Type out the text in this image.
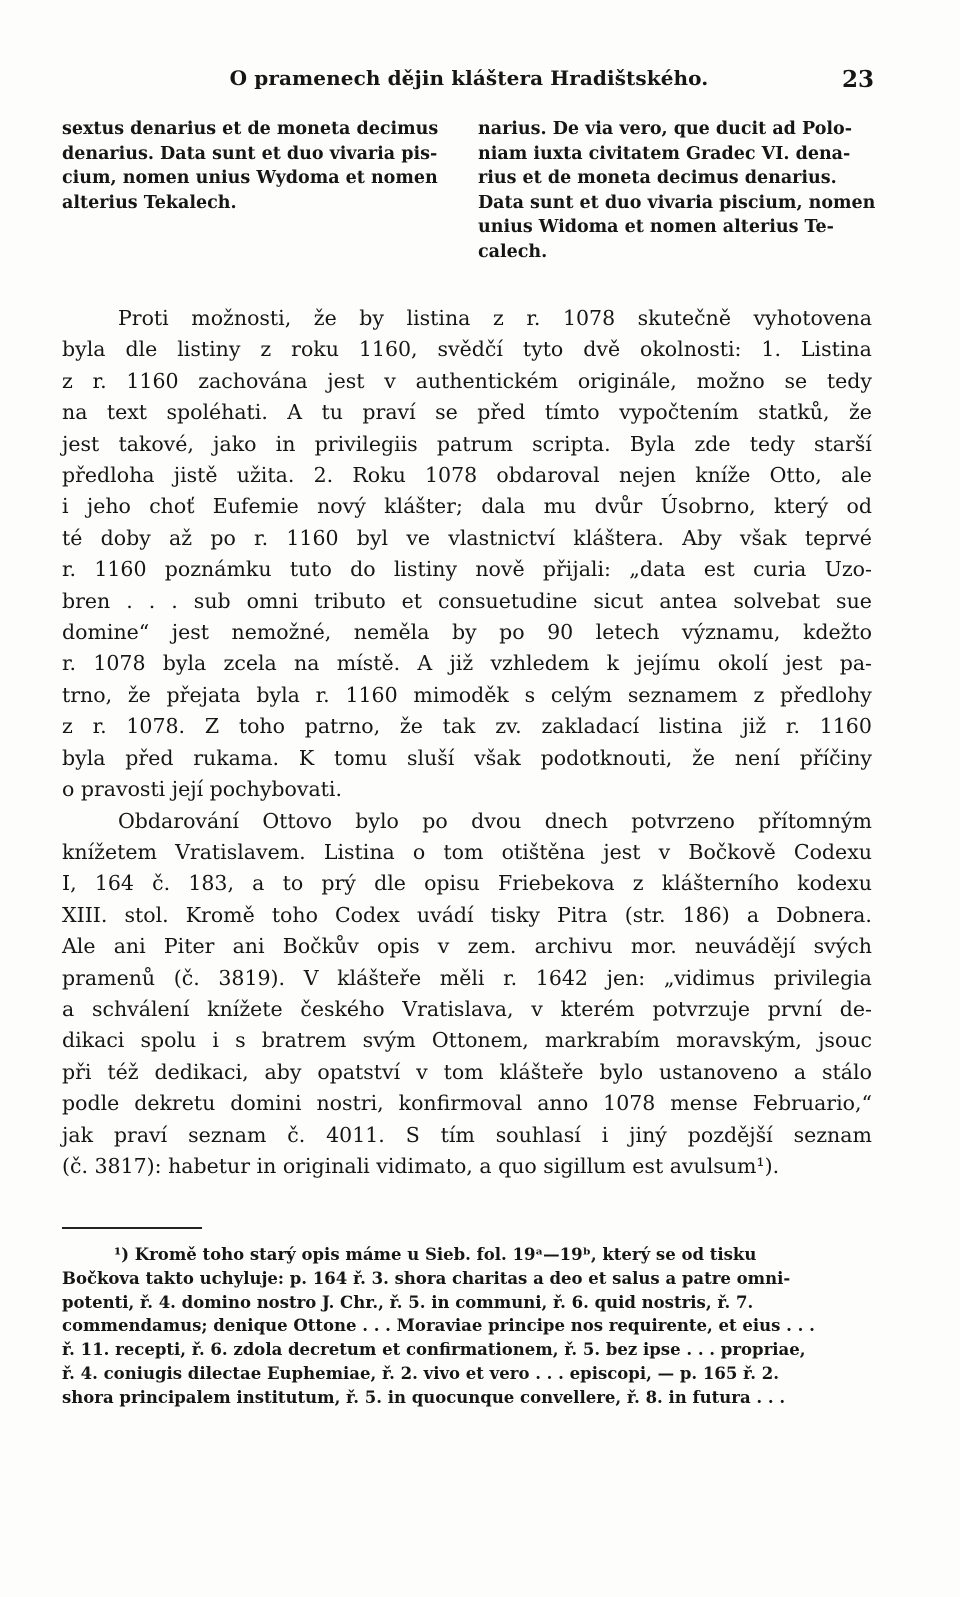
O pramenech dějin kláštera Hradištského.	23
sextus denarius et de moneta decimus
denarius. Data sunt et duo vivaria pis-
cium, nomen unius Wydoma et nomen
alterius Tekalech.
narius. De via vero, que ducit ad Polo-
niam iuxta civitatem Gradec VI. dena-
rius et de moneta decimus denarius.
Data sunt et duo vivaria piscium, nomen
unius Widoma et nomen alterius Te-
calech.
Proti možnosti, že by listina z r. 1078 skutečně vyhotovena
byla dle listiny z roku 1160, svědčí tyto dvě okolnosti: 1. Listina
z r. 1160 zachována jest v authentickém originále, možno se tedy
na text spoléhati. A tu praví se před tímto vypočtením statků, že
jest takové, jako in privilegiis patrum scripta. Byla zde tedy starší
předloha jistě užita. 2. Roku 1078 obdaroval nejen kníže Otto, ale
i jeho choť Eufemie nový klášter; dala mu dvůr Úsobrno, který od
té doby až po r. 1160 byl ve vlastnictví kláštera. Aby však teprvé
r. 1160 poznámku tuto do listiny nově přijali: „data est curia Uzo-
bren . . . sub omni tributo et consuetudine sicut antea solvebat sue
domine“ jest nemožné, neměla by po 90 letech významu, kdežto
r. 1078 byla zcela na místě. A již vzhledem k jejímu okolí jest pa-
trno, že přejata byla r. 1160 mimoděk s celým seznamem z předlohy
z r. 1078. Z toho patrno, že tak zv. zakladací listina již r. 1160
byla před rukama. K tomu sluší však podotknouti, že není příčiny
o pravosti její pochybovati.
Obdarování Ottovo bylo po dvou dnech potvrzeno přítomným
knížetem Vratislavem. Listina o tom otištěna jest v Bočkově Codexu
I, 164 č. 183, a to prý dle opisu Friebekova z klášterního kodexu
XIII. stol. Kromě toho Codex uvádí tisky Pitra (str. 186) a Dobnera.
Ale ani Piter ani Bočkův opis v zem. archivu mor. neuvádějí svých
pramenů (č. 3819). V klášteře měli r. 1642 jen: „vidimus privilegia
a schválení knížete českého Vratislava, v kterém potvrzuje první de-
dikaci spolu i s bratrem svým Ottonem, markrabím moravským, jsouc
při též dedikaci, aby opatství v tom klášteře bylo ustanoveno a stálo
podle dekretu domini nostri, konfirmoval anno 1078 mense Februario,“
jak praví seznam č. 4011. S tím souhlasí i jiný pozdější seznam
(č. 3817): habetur in originali vidimato, a quo sigillum est avulsum¹).
¹) Kromě toho starý opis máme u Sieb. fol. 19ᵃ—19ᵇ, který se od tisku
Bočkova takto uchyluje: p. 164 ř. 3. shora charitas a deo et salus a patre omni-
potenti, ř. 4. domino nostro J. Chr., ř. 5. in communi, ř. 6. quid nostris, ř. 7.
commendamus; denique Ottone . . . Moraviae principe nos requirente, et eius . . .
ř. 11. recepti, ř. 6. zdola decretum et confirmationem, ř. 5. bez ipse . . . propriae,
ř. 4. coniugis dilectae Euphemiae, ř. 2. vivo et vero . . . episcopi, — p. 165 ř. 2.
shora principalem institutum, ř. 5. in quocunque convellere, ř. 8. in futura . . .
